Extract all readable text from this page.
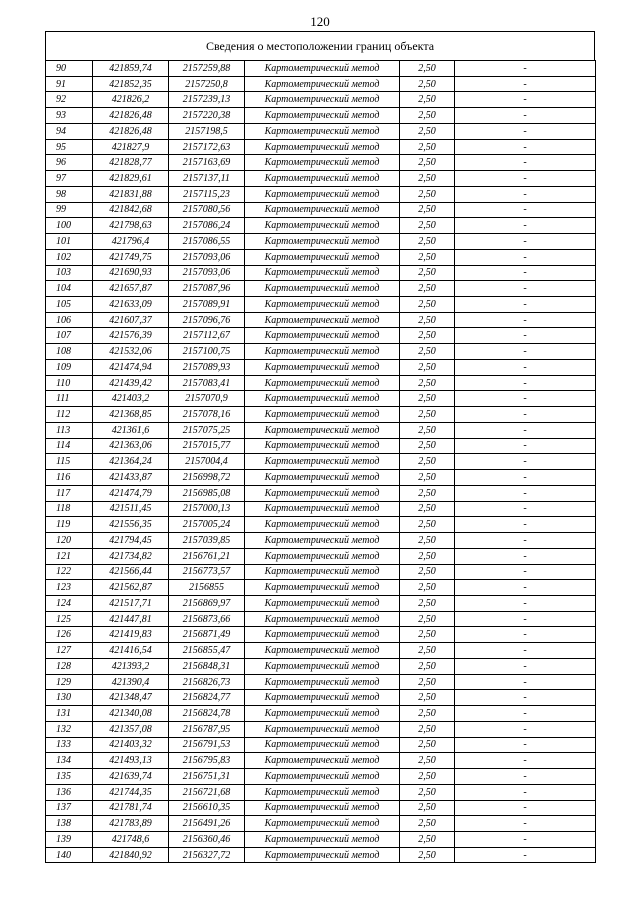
120
Сведения о местоположении границ объекта
90	421859,74	2157259,88	Картометрический метод	2,50	-
91	421852,35	2157250,8	Картометрический метод	2,50	-
92	421826,2	2157239,13	Картометрический метод	2,50	-
93	421826,48	2157220,38	Картометрический метод	2,50	-
94	421826,48	2157198,5	Картометрический метод	2,50	-
95	421827,9	2157172,63	Картометрический метод	2,50	-
96	421828,77	2157163,69	Картометрический метод	2,50	-
97	421829,61	2157137,11	Картометрический метод	2,50	-
98	421831,88	2157115,23	Картометрический метод	2,50	-
99	421842,68	2157080,56	Картометрический метод	2,50	-
100	421798,63	2157086,24	Картометрический метод	2,50	-
101	421796,4	2157086,55	Картометрический метод	2,50	-
102	421749,75	2157093,06	Картометрический метод	2,50	-
103	421690,93	2157093,06	Картометрический метод	2,50	-
104	421657,87	2157087,96	Картометрический метод	2,50	-
105	421633,09	2157089,91	Картометрический метод	2,50	-
106	421607,37	2157096,76	Картометрический метод	2,50	-
107	421576,39	2157112,67	Картометрический метод	2,50	-
108	421532,06	2157100,75	Картометрический метод	2,50	-
109	421474,94	2157089,93	Картометрический метод	2,50	-
110	421439,42	2157083,41	Картометрический метод	2,50	-
111	421403,2	2157070,9	Картометрический метод	2,50	-
112	421368,85	2157078,16	Картометрический метод	2,50	-
113	421361,6	2157075,25	Картометрический метод	2,50	-
114	421363,06	2157015,77	Картометрический метод	2,50	-
115	421364,24	2157004,4	Картометрический метод	2,50	-
116	421433,87	2156998,72	Картометрический метод	2,50	-
117	421474,79	2156985,08	Картометрический метод	2,50	-
118	421511,45	2157000,13	Картометрический метод	2,50	-
119	421556,35	2157005,24	Картометрический метод	2,50	-
120	421794,45	2157039,85	Картометрический метод	2,50	-
121	421734,82	2156761,21	Картометрический метод	2,50	-
122	421566,44	2156773,57	Картометрический метод	2,50	-
123	421562,87	2156855	Картометрический метод	2,50	-
124	421517,71	2156869,97	Картометрический метод	2,50	-
125	421447,81	2156873,66	Картометрический метод	2,50	-
126	421419,83	2156871,49	Картометрический метод	2,50	-
127	421416,54	2156855,47	Картометрический метод	2,50	-
128	421393,2	2156848,31	Картометрический метод	2,50	-
129	421390,4	2156826,73	Картометрический метод	2,50	-
130	421348,47	2156824,77	Картометрический метод	2,50	-
131	421340,08	2156824,78	Картометрический метод	2,50	-
132	421357,08	2156787,95	Картометрический метод	2,50	-
133	421403,32	2156791,53	Картометрический метод	2,50	-
134	421493,13	2156795,83	Картометрический метод	2,50	-
135	421639,74	2156751,31	Картометрический метод	2,50	-
136	421744,35	2156721,68	Картометрический метод	2,50	-
137	421781,74	2156610,35	Картометрический метод	2,50	-
138	421783,89	2156491,26	Картометрический метод	2,50	-
139	421748,6	2156360,46	Картометрический метод	2,50	-
140	421840,92	2156327,72	Картометрический метод	2,50	-
